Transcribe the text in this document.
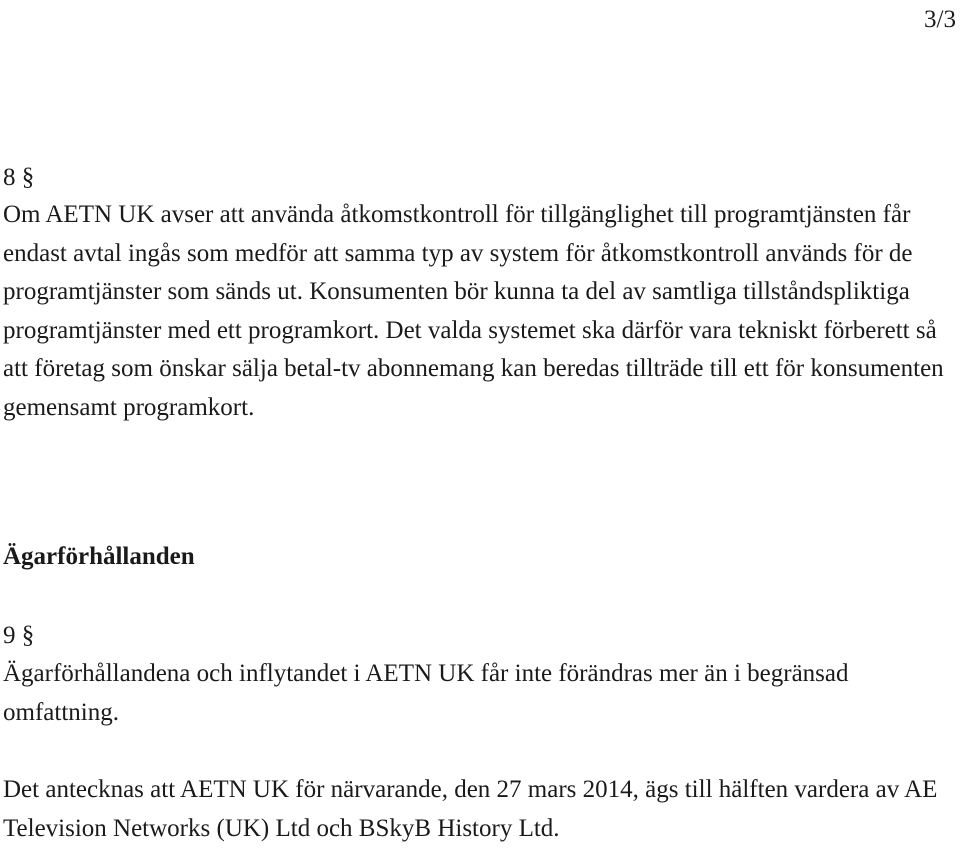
3/3
8 §

Om AETN UK avser att använda åtkomstkontroll för tillgänglighet till programtjänsten får endast avtal ingås som medför att samma typ av system för åtkomstkontroll används för de programtjänster som sänds ut. Konsumenten bör kunna ta del av samtliga tillståndspliktiga programtjänster med ett programkort. Det valda systemet ska därför vara tekniskt förberett så att företag som önskar sälja betal-tv abonnemang kan beredas tillträde till ett för konsumenten gemensamt programkort.

Ägarförhållanden
9 §

Ägarförhållandena och inflytandet i AETN UK får inte förändras mer än i begränsad omfattning.

Det antecknas att AETN UK för närvarande, den 27 mars 2014, ägs till hälften vardera av AE Television Networks (UK) Ltd och BSkyB History Ltd.
